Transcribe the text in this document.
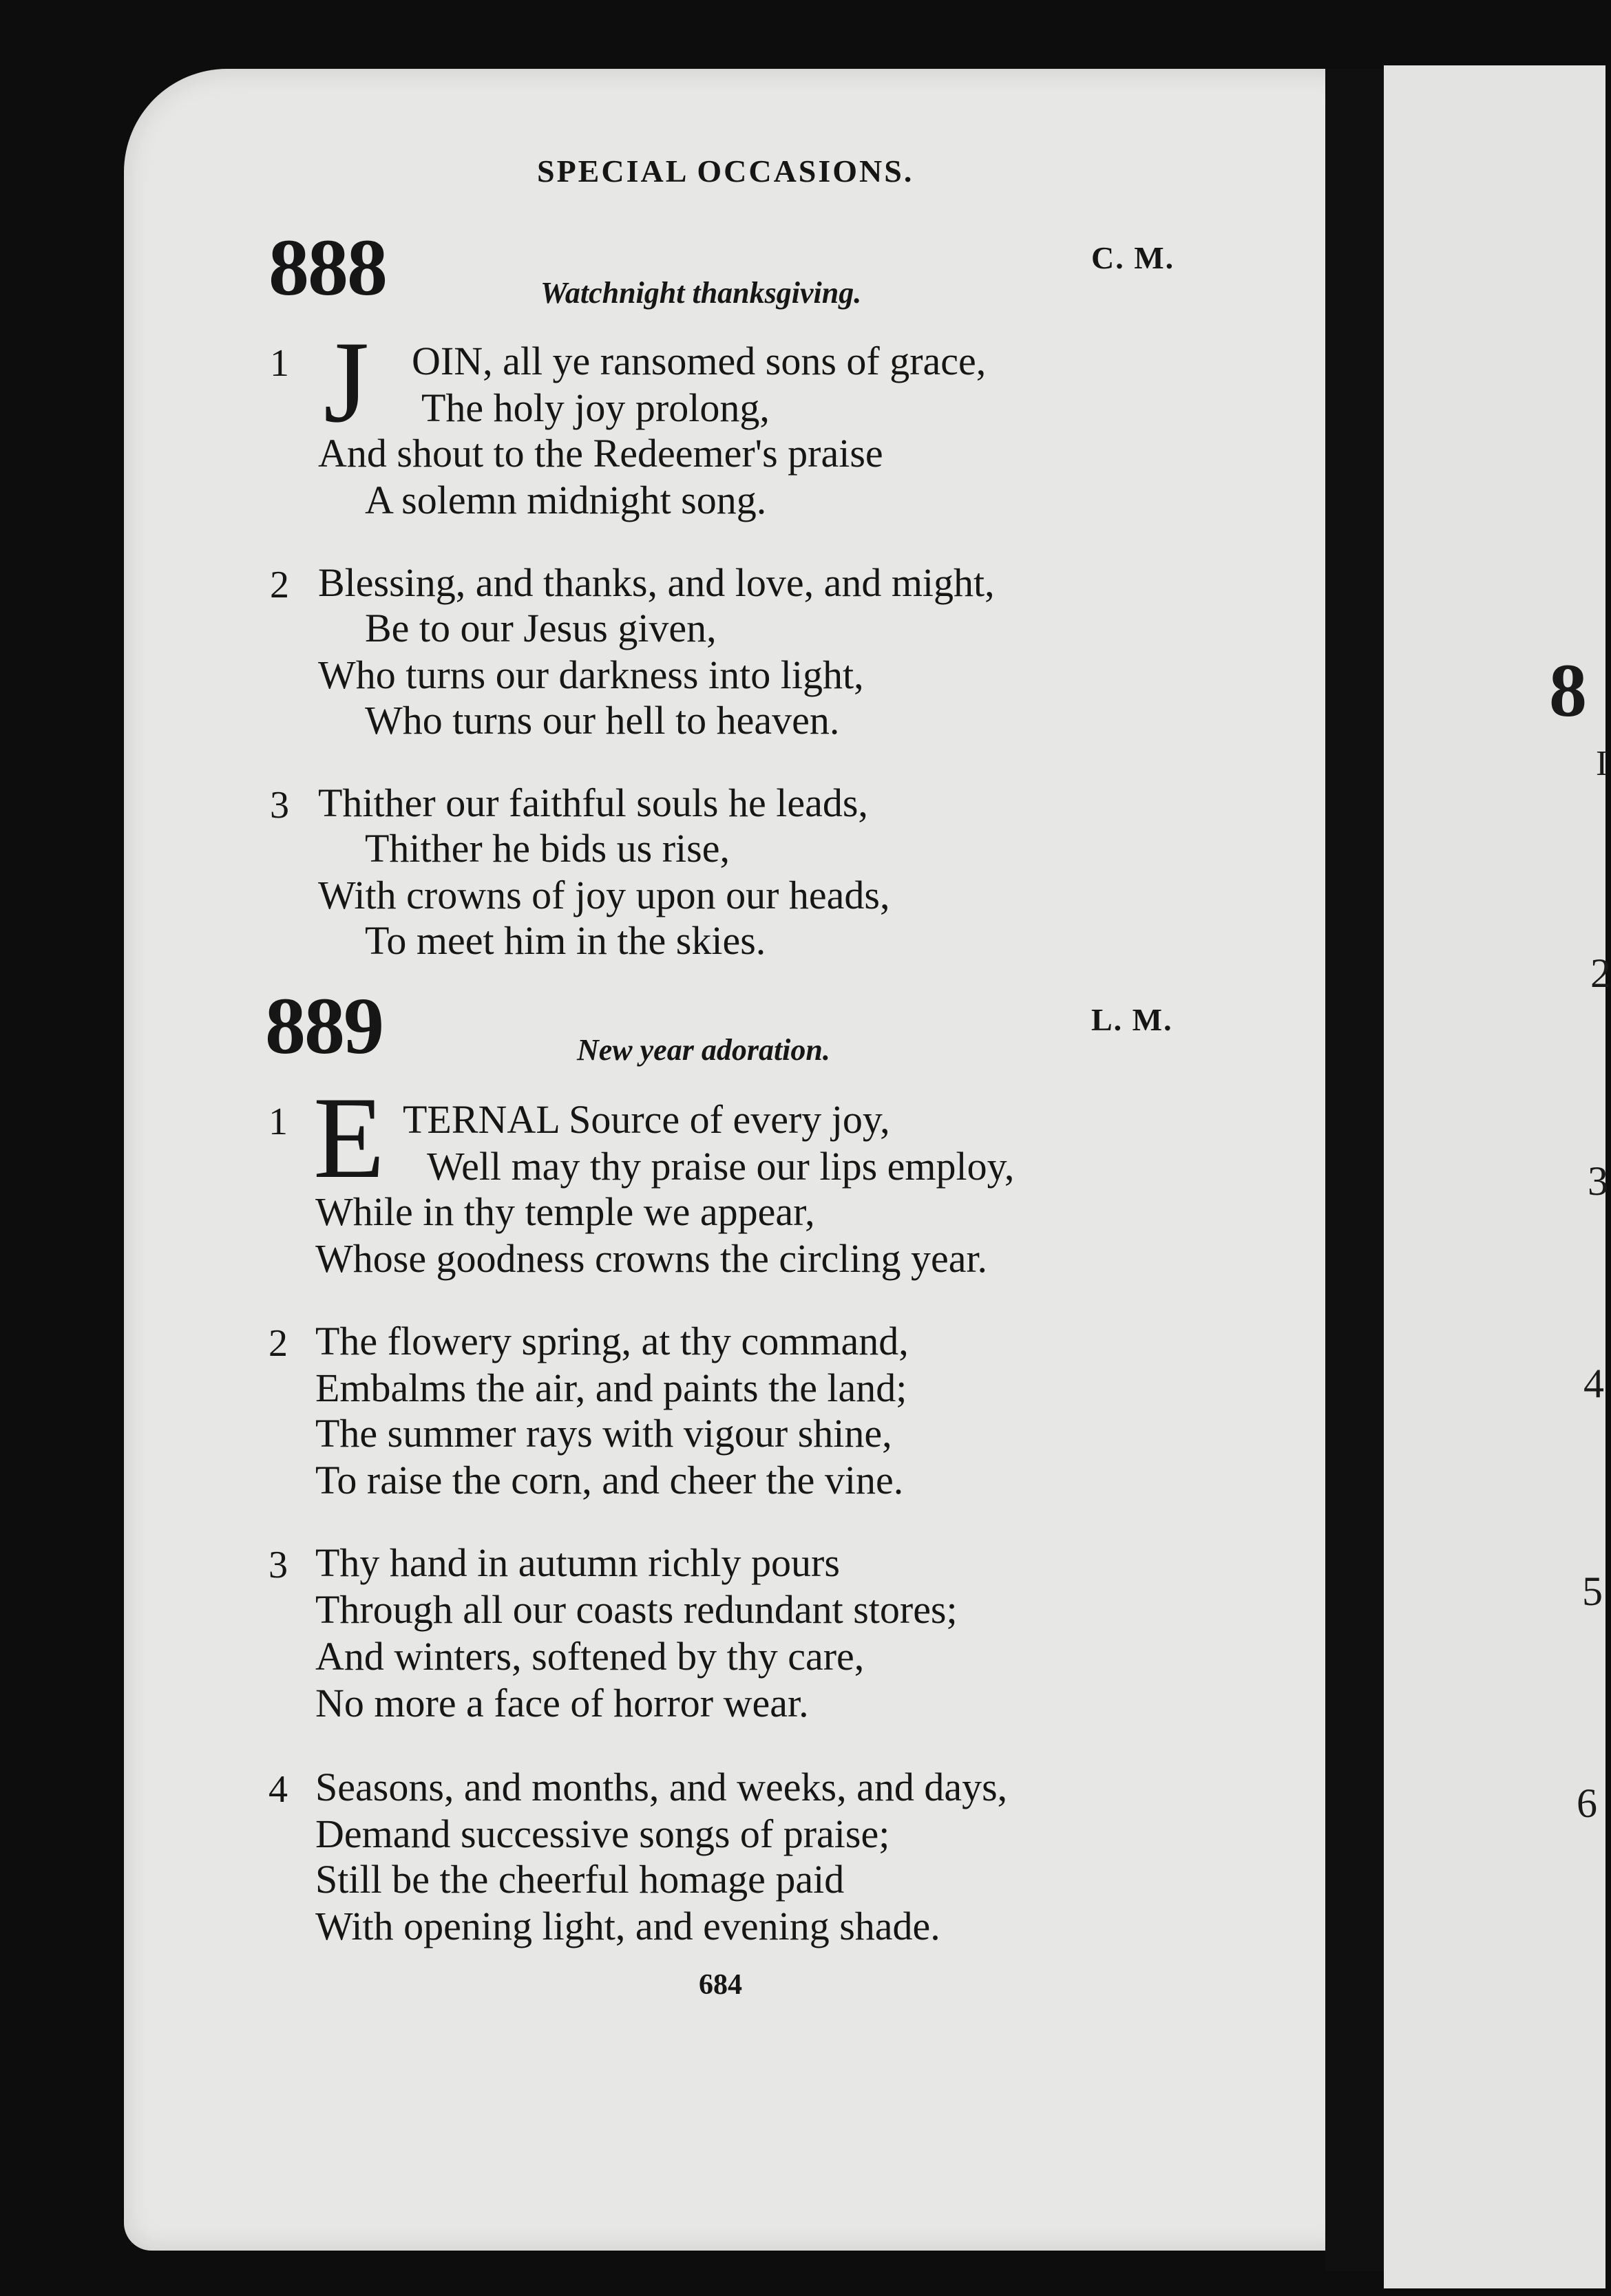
SPECIAL OCCASIONS.
888	Watchnight thanksgiving.
C. M.
1 J OIN, all ye ransomed sons of grace,
The holy joy prolong,
And shout to the Redeemer's praise
A solemn midnight song.
2 Blessing, and thanks, and love, and might,
Be to our Jesus given,
Who turns our darkness into light,
Who turns our hell to heaven.
3 Thither our faithful souls he leads,
Thither he bids us rise,
With crowns of joy upon our heads,
To meet him in the skies.
889	New year adoration.
L. M.
1 E TERNAL Source of every joy,
Well may thy praise our lips employ,
While in thy temple we appear,
Whose goodness crowns the circling year.
2 The flowery spring, at thy command,
Embalms the air, and paints the land;
The summer rays with vigour shine,
To raise the corn, and cheer the vine.
3 Thy hand in autumn richly pours
Through all our coasts redundant stores;
And winters, softened by thy care,
No more a face of horror wear.
4 Seasons, and months, and weeks, and days,
Demand successive songs of praise;
Still be the cheerful homage paid
With opening light, and evening shade.
684
8
I
2
3
4
5
6
